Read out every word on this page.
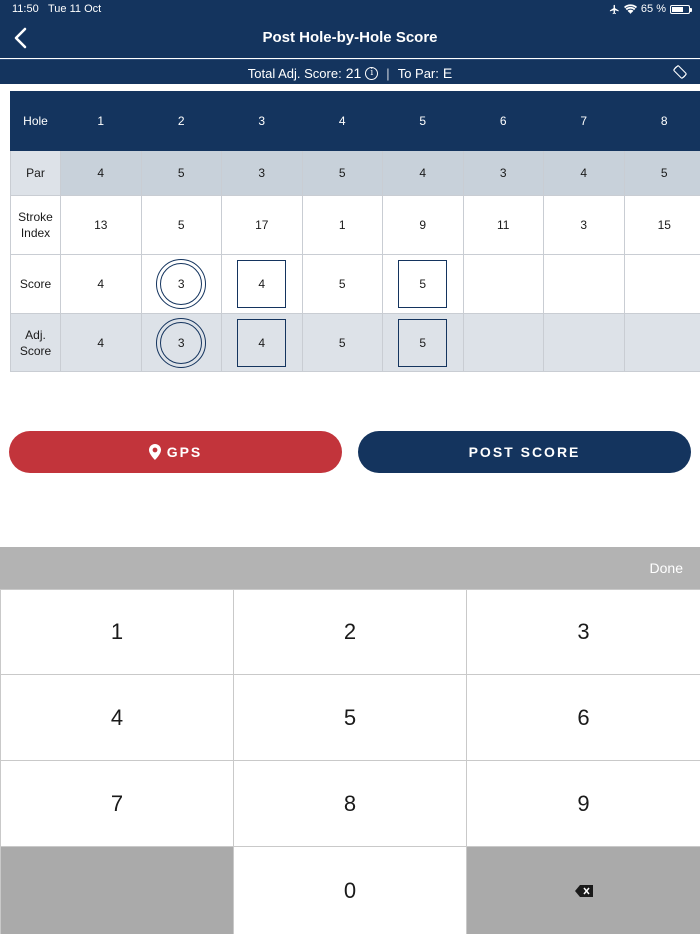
11:50 Tue 11 Oct	65 %
Post Hole-by-Hole Score
Total Adj. Score: 21	i	| To Par: E
Hole	1	2	3	4	5	6	7	8
Par	4	5	3	5	4	3	4	5
Stroke
Index	13	5	17	1	9	11	3	15
Score	4	3	4	5	5			
Adj.
Score	4	3	4	5	5			
GPS	POST SCORE
Done
1	2	3
4	5	6
7	8	9
0
